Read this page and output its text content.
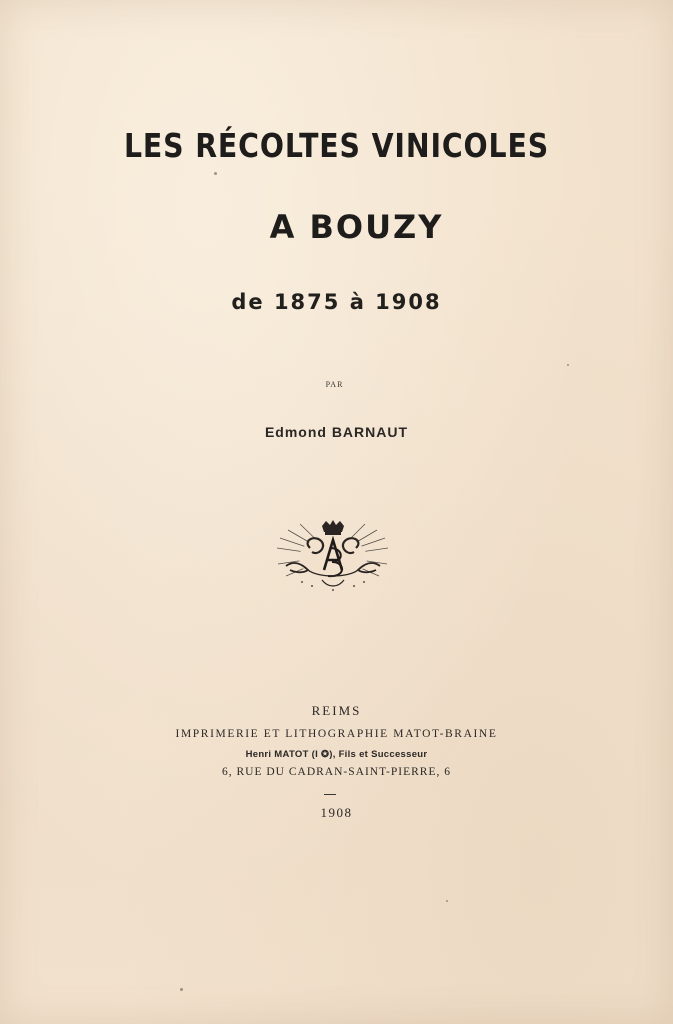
LES RÉCOLTES VINICOLES
A BOUZY
de 1875 à 1908
PAR
Edmond BARNAUT
REIMS
IMPRIMERIE ET LITHOGRAPHIE MATOT-BRAINE
Henri MATOT (I ✪), Fils et Successeur
6, RUE DU CADRAN-SAINT-PIERRE, 6
1908
